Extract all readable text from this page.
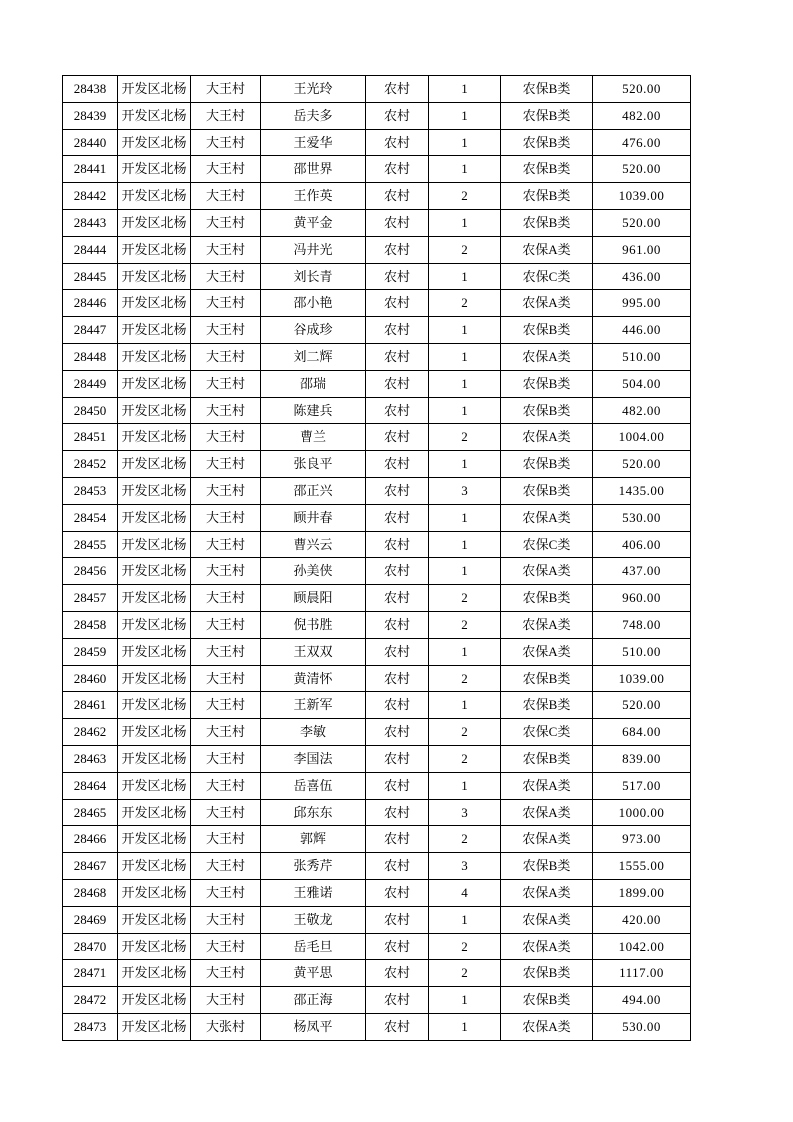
28438	开发区北杨	大王村	王光玲	农村	1	农保B类	520.00
28439	开发区北杨	大王村	岳夫多	农村	1	农保B类	482.00
28440	开发区北杨	大王村	王爱华	农村	1	农保B类	476.00
28441	开发区北杨	大王村	邵世界	农村	1	农保B类	520.00
28442	开发区北杨	大王村	王作英	农村	2	农保B类	1039.00
28443	开发区北杨	大王村	黄平金	农村	1	农保B类	520.00
28444	开发区北杨	大王村	冯井光	农村	2	农保A类	961.00
28445	开发区北杨	大王村	刘长青	农村	1	农保C类	436.00
28446	开发区北杨	大王村	邵小艳	农村	2	农保A类	995.00
28447	开发区北杨	大王村	谷成珍	农村	1	农保B类	446.00
28448	开发区北杨	大王村	刘二辉	农村	1	农保A类	510.00
28449	开发区北杨	大王村	邵瑞	农村	1	农保B类	504.00
28450	开发区北杨	大王村	陈建兵	农村	1	农保B类	482.00
28451	开发区北杨	大王村	曹兰	农村	2	农保A类	1004.00
28452	开发区北杨	大王村	张良平	农村	1	农保B类	520.00
28453	开发区北杨	大王村	邵正兴	农村	3	农保B类	1435.00
28454	开发区北杨	大王村	顾井春	农村	1	农保A类	530.00
28455	开发区北杨	大王村	曹兴云	农村	1	农保C类	406.00
28456	开发区北杨	大王村	孙美侠	农村	1	农保A类	437.00
28457	开发区北杨	大王村	顾晨阳	农村	2	农保B类	960.00
28458	开发区北杨	大王村	倪书胜	农村	2	农保A类	748.00
28459	开发区北杨	大王村	王双双	农村	1	农保A类	510.00
28460	开发区北杨	大王村	黄清怀	农村	2	农保B类	1039.00
28461	开发区北杨	大王村	王新军	农村	1	农保B类	520.00
28462	开发区北杨	大王村	李敏	农村	2	农保C类	684.00
28463	开发区北杨	大王村	李国法	农村	2	农保B类	839.00
28464	开发区北杨	大王村	岳喜伍	农村	1	农保A类	517.00
28465	开发区北杨	大王村	邱东东	农村	3	农保A类	1000.00
28466	开发区北杨	大王村	郭辉	农村	2	农保A类	973.00
28467	开发区北杨	大王村	张秀芹	农村	3	农保B类	1555.00
28468	开发区北杨	大王村	王雅诺	农村	4	农保A类	1899.00
28469	开发区北杨	大王村	王敬龙	农村	1	农保A类	420.00
28470	开发区北杨	大王村	岳毛旦	农村	2	农保A类	1042.00
28471	开发区北杨	大王村	黄平思	农村	2	农保B类	1117.00
28472	开发区北杨	大王村	邵正海	农村	1	农保B类	494.00
28473	开发区北杨	大张村	杨凤平	农村	1	农保A类	530.00
